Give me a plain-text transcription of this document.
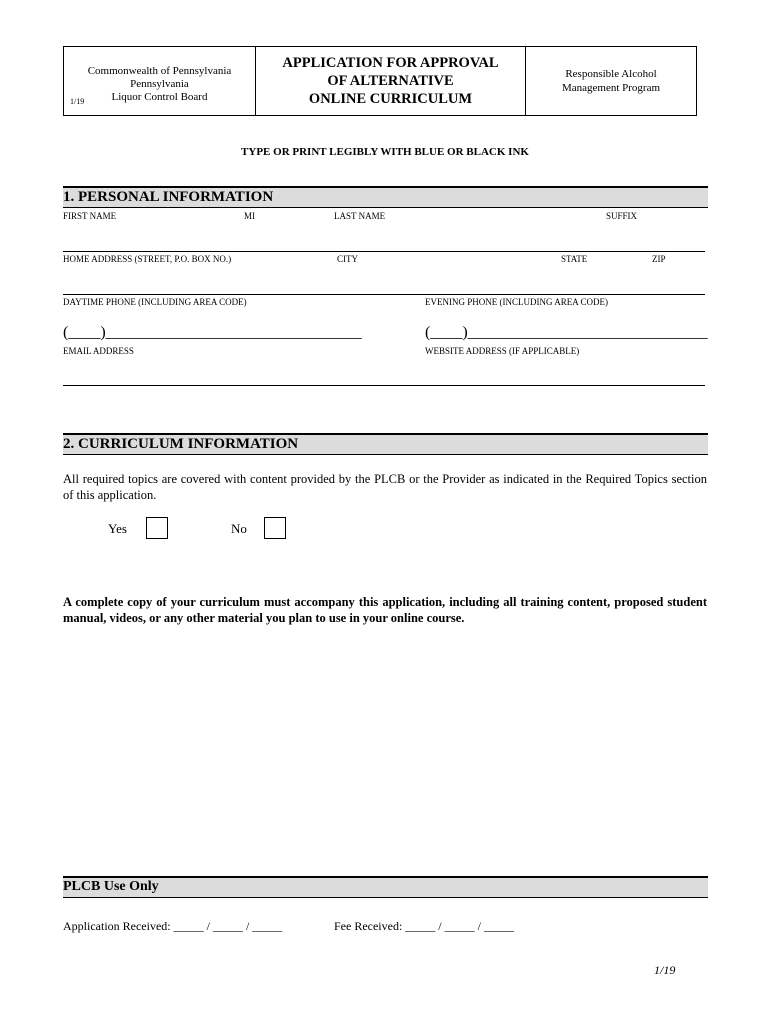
Commonwealth of Pennsylvania
Pennsylvania
Liquor Control Board
1/19
APPLICATION FOR APPROVAL
OF ALTERNATIVE
ONLINE CURRICULUM
Responsible Alcohol
Management Program
TYPE OR PRINT LEGIBLY WITH BLUE OR BLACK INK
1. PERSONAL INFORMATION
FIRST NAME	MI	LAST NAME	SUFFIX
HOME ADDRESS (STREET, P.O. BOX NO.)	CITY	STATE	ZIP
DAYTIME PHONE (INCLUDING AREA CODE)	EVENING PHONE (INCLUDING AREA CODE)
(____)________________________________	(____)______________________________
EMAIL ADDRESS	WEBSITE ADDRESS (IF APPLICABLE)
2. CURRICULUM INFORMATION
All required topics are covered with content provided by the PLCB or the Provider as indicated in the Required Topics section of this application.
Yes	No
A complete copy of your curriculum must accompany this application, including all training content, proposed student manual, videos, or any other material you plan to use in your online course.
PLCB Use Only
Application Received: _____ / _____ / _____	Fee Received: _____ / _____ / _____
1/19
